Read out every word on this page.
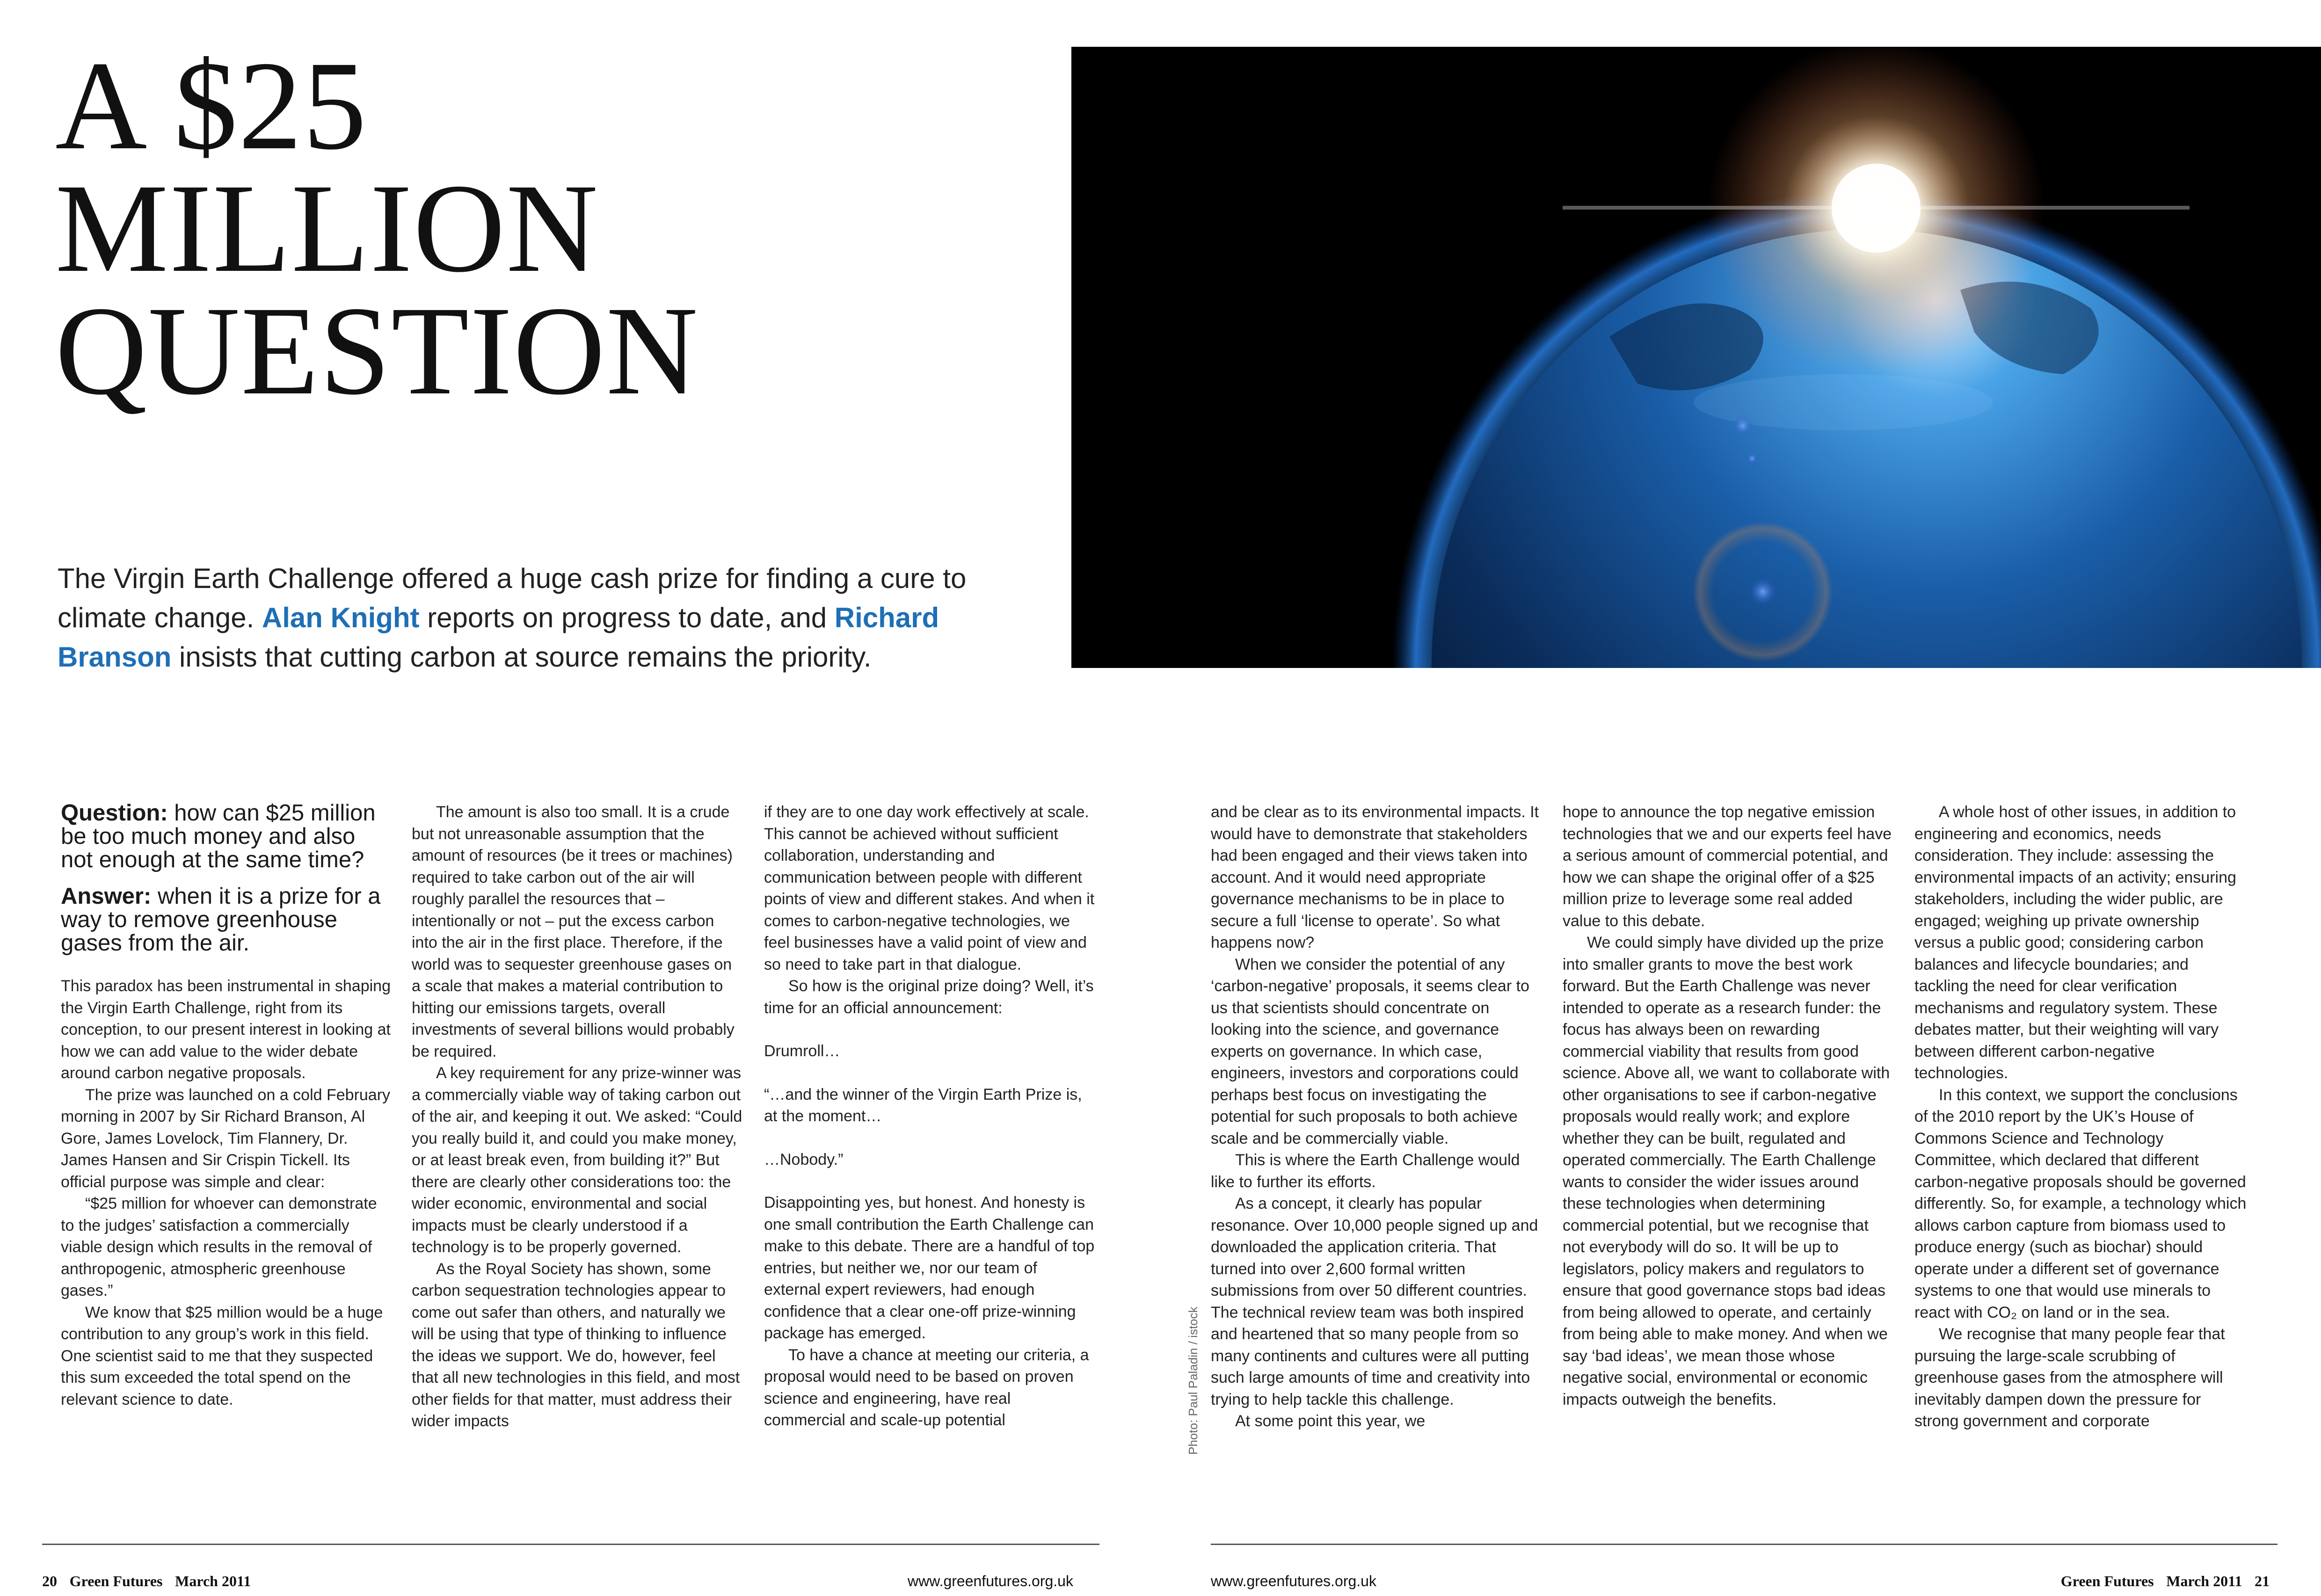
A $25
MILLION
QUESTION

The Virgin Earth Challenge offered a huge cash prize for finding a cure to climate change. Alan Knight reports on progress to date, and Richard Branson insists that cutting carbon at source remains the priority.

Question: how can $25 million be too much money and also not enough at the same time?
Answer: when it is a prize for a way to remove greenhouse gases from the air.

This paradox has been instrumental in shaping the Virgin Earth Challenge, right from its conception, to our present interest in looking at how we can add value to the wider debate around carbon negative proposals.

The prize was launched on a cold February morning in 2007 by Sir Richard Branson, Al Gore, James Lovelock, Tim Flannery, Dr. James Hansen and Sir Crispin Tickell. Its official purpose was simple and clear:

“$25 million for whoever can demonstrate to the judges’ satisfaction a commercially viable design which results in the removal of anthropogenic, atmospheric greenhouse gases.”

We know that $25 million would be a huge contribution to any group’s work in this field. One scientist said to me that they suspected this sum exceeded the total spend on the relevant science to date.

The amount is also too small. It is a crude but not unreasonable assumption that the amount of resources (be it trees or machines) required to take carbon out of the air will roughly parallel the resources that – intentionally or not – put the excess carbon into the air in the first place. Therefore, if the world was to sequester greenhouse gases on a scale that makes a material contribution to hitting our emissions targets, overall investments of several billions would probably be required.

A key requirement for any prize-winner was a commercially viable way of taking carbon out of the air, and keeping it out. We asked: “Could you really build it, and could you make money, or at least break even, from building it?” But there are clearly other considerations too: the wider economic, environmental and social impacts must be clearly understood if a technology is to be properly governed.

As the Royal Society has shown, some carbon sequestration technologies appear to come out safer than others, and naturally we will be using that type of thinking to influence the ideas we support. We do, however, feel that all new technologies in this field, and most other fields for that matter, must address their wider impacts

if they are to one day work effectively at scale. This cannot be achieved without sufficient collaboration, understanding and communication between people with different points of view and different stakes. And when it comes to carbon-negative technologies, we feel businesses have a valid point of view and so need to take part in that dialogue.

So how is the original prize doing? Well, it’s time for an official announcement:

Drumroll…

“…and the winner of the Virgin Earth Prize is, at the moment…

…Nobody.”

Disappointing yes, but honest. And honesty is one small contribution the Earth Challenge can make to this debate. There are a handful of top entries, but neither we, nor our team of external expert reviewers, had enough confidence that a clear one-off prize-winning package has emerged.

To have a chance at meeting our criteria, a proposal would need to be based on proven science and engineering, have real commercial and scale-up potential	Photo: Paul Paladin / istock

and be clear as to its environmental impacts. It would have to demonstrate that stakeholders had been engaged and their views taken into account. And it would need appropriate governance mechanisms to be in place to secure a full ‘license to operate’. So what happens now?

When we consider the potential of any ‘carbon-negative’ proposals, it seems clear to us that scientists should concentrate on looking into the science, and governance experts on governance. In which case, engineers, investors and corporations could perhaps best focus on investigating the potential for such proposals to both achieve scale and be commercially viable.

This is where the Earth Challenge would like to further its efforts.

As a concept, it clearly has popular resonance. Over 10,000 people signed up and downloaded the application criteria. That turned into over 2,600 formal written submissions from over 50 different countries. The technical review team was both inspired and heartened that so many people from so many continents and cultures were all putting such large amounts of time and creativity into trying to help tackle this challenge.

At some point this year, we

hope to announce the top negative emission technologies that we and our experts feel have a serious amount of commercial potential, and how we can shape the original offer of a $25 million prize to leverage some real added value to this debate.

We could simply have divided up the prize into smaller grants to move the best work forward. But the Earth Challenge was never intended to operate as a research funder: the focus has always been on rewarding commercial viability that results from good science. Above all, we want to collaborate with other organisations to see if carbon-negative proposals would really work; and explore whether they can be built, regulated and operated commercially. The Earth Challenge wants to consider the wider issues around these technologies when determining commercial potential, but we recognise that not everybody will do so. It will be up to legislators, policy makers and regulators to ensure that good governance stops bad ideas from being allowed to operate, and certainly from being able to make money. And when we say ‘bad ideas’, we mean those whose negative social, environmental or economic impacts outweigh the benefits.

A whole host of other issues, in addition to engineering and economics, needs consideration. They include: assessing the environmental impacts of an activity; ensuring stakeholders, including the wider public, are engaged; weighing up private ownership versus a public good; considering carbon balances and lifecycle boundaries; and tackling the need for clear verification mechanisms and regulatory system. These debates matter, but their weighting will vary between different carbon-negative technologies.

In this context, we support the conclusions of the 2010 report by the UK’s House of Commons Science and Technology Committee, which declared that different carbon-negative proposals should be governed differently. So, for example, a technology which allows carbon capture from biomass used to produce energy (such as biochar) should operate under a different set of governance systems to one that would use minerals to react with CO₂ on land or in the sea.

We recognise that many people fear that pursuing the large-scale scrubbing of greenhouse gases from the atmosphere will inevitably dampen down the pressure for strong government and corporate

20 Green Futures March 2011	www.greenfutures.org.uk	www.greenfutures.org.uk	Green Futures March 2011 21
